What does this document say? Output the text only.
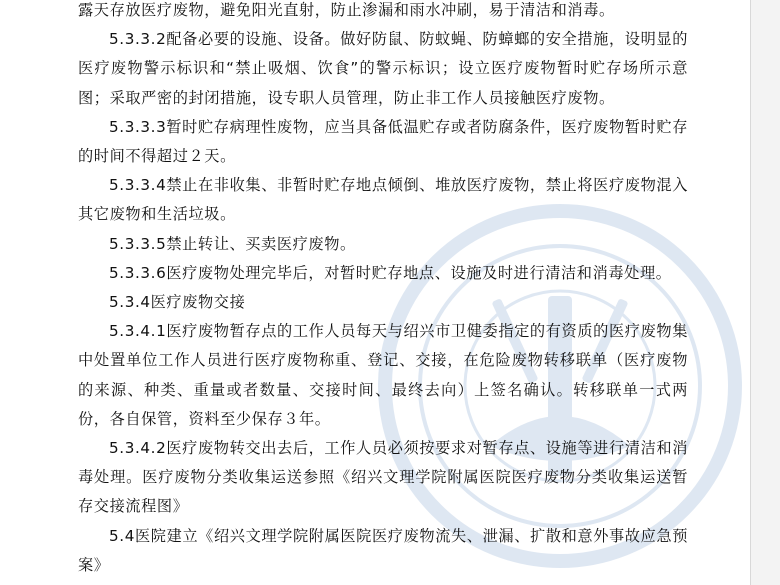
露天存放医疗废物，避免阳光直射，防止渗漏和雨水冲刷，易于清洁和消毒。

5.3.3.2配备必要的设施、设备。做好防鼠、防蚊蝇、防蟑螂的安全措施，设明显的医疗废物警示标识和“禁止吸烟、饮食”的警示标识；设立医疗废物暂时贮存场所示意图；采取严密的封闭措施，设专职人员管理，防止非工作人员接触医疗废物。

5.3.3.3暂时贮存病理性废物，应当具备低温贮存或者防腐条件，医疗废物暂时贮存的时间不得超过２天。

5.3.3.4禁止在非收集、非暂时贮存地点倾倒、堆放医疗废物，禁止将医疗废物混入其它废物和生活垃圾。

5.3.3.5禁止转让、买卖医疗废物。

5.3.3.6医疗废物处理完毕后，对暂时贮存地点、设施及时进行清洁和消毒处理。

5.3.4医疗废物交接

5.3.4.1医疗废物暂存点的工作人员每天与绍兴市卫健委指定的有资质的医疗废物集中处置单位工作人员进行医疗废物称重、登记、交接，在危险废物转移联单（医疗废物的来源、种类、重量或者数量、交接时间、最终去向）上签名确认。转移联单一式两份，各自保管，资料至少保存３年。

5.3.4.2医疗废物转交出去后，工作人员必须按要求对暂存点、设施等进行清洁和消毒处理。医疗废物分类收集运送参照《绍兴文理学院附属医院医疗废物分类收集运送暂存交接流程图》

5.4医院建立《绍兴文理学院附属医院医疗废物流失、泄漏、扩散和意外事故应急预案》
